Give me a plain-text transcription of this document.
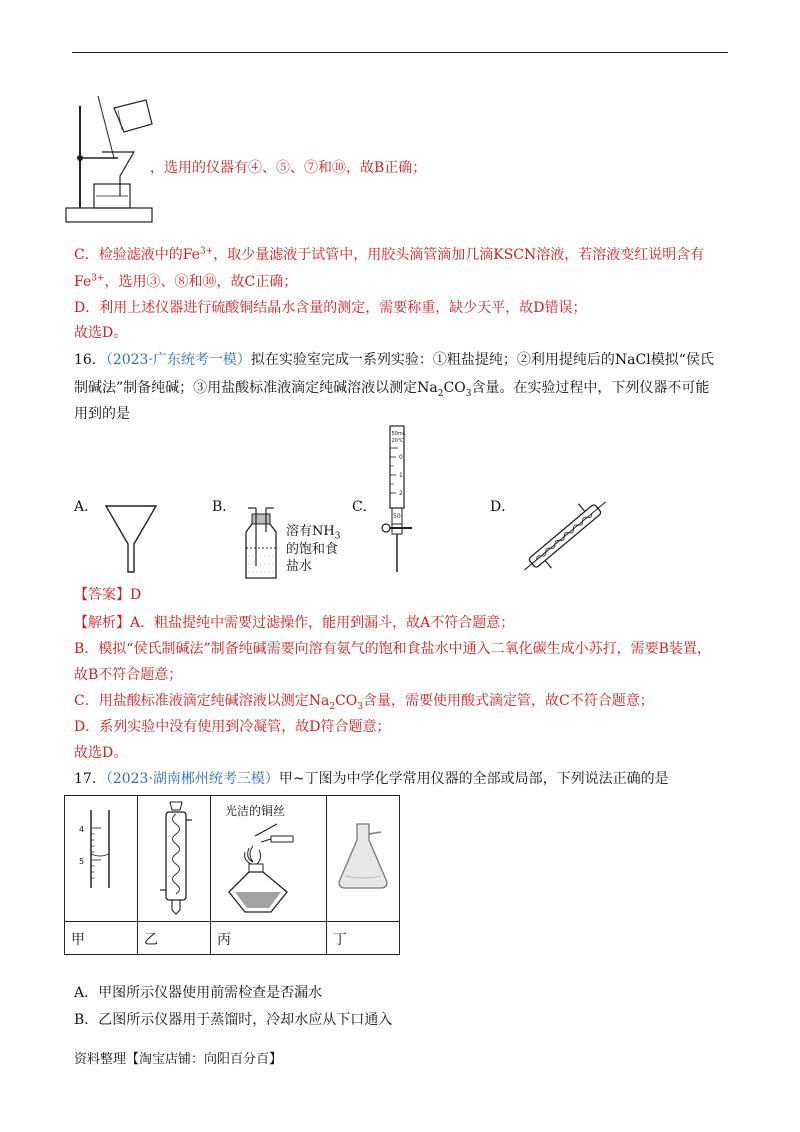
，选用的仪器有④、⑤、⑦和⑩，故B正确；
C．检验滤液中的$Fe^{3+}$，取少量滤液于试管中，用胶头滴管滴加几滴KSCN溶液，若溶液变红说明含有
$Fe^{3+}$，选用③、⑧和⑩，故C正确；
D．利用上述仪器进行硫酸铜结晶水含量的测定，需要称重，缺少天平，故D错误；
故选D。
16．（2023·广东统考一模）拟在实验室完成一系列实验：①粗盐提纯；②利用提纯后的NaCl模拟“侯氏
制碱法”制备纯碱；③用盐酸标准液滴定纯碱溶液以测定$Na_2CO_3$含量。在实验过程中，下列仪器不可能
用到的是
A．	B．	C．	D．
溶有$NH_3$
的饱和食
盐水
50mL
20℃
0
1
2
50
【答案】D
【解析】A．粗盐提纯中需要过滤操作，能用到漏斗，故A不符合题意；
B．模拟“侯氏制碱法”制备纯碱需要向溶有氨气的饱和食盐水中通入二氧化碳生成小苏打，需要B装置，
故B不符合题意；
C．用盐酸标准液滴定纯碱溶液以测定$Na_2CO_3$含量，需要使用酸式滴定管，故C不符合题意；
D．系列实验中没有使用到冷凝管，故D符合题意；
故选D。
17．（2023·湖南郴州统考三模）甲~丁图为中学化学常用仪器的全部或局部，下列说法正确的是
4
5		光洁的铜丝

甲	乙	丙	丁
A．甲图所示仪器使用前需检查是否漏水
B．乙图所示仪器用于蒸馏时，冷却水应从下口通入
资料整理【淘宝店铺：向阳百分百】
